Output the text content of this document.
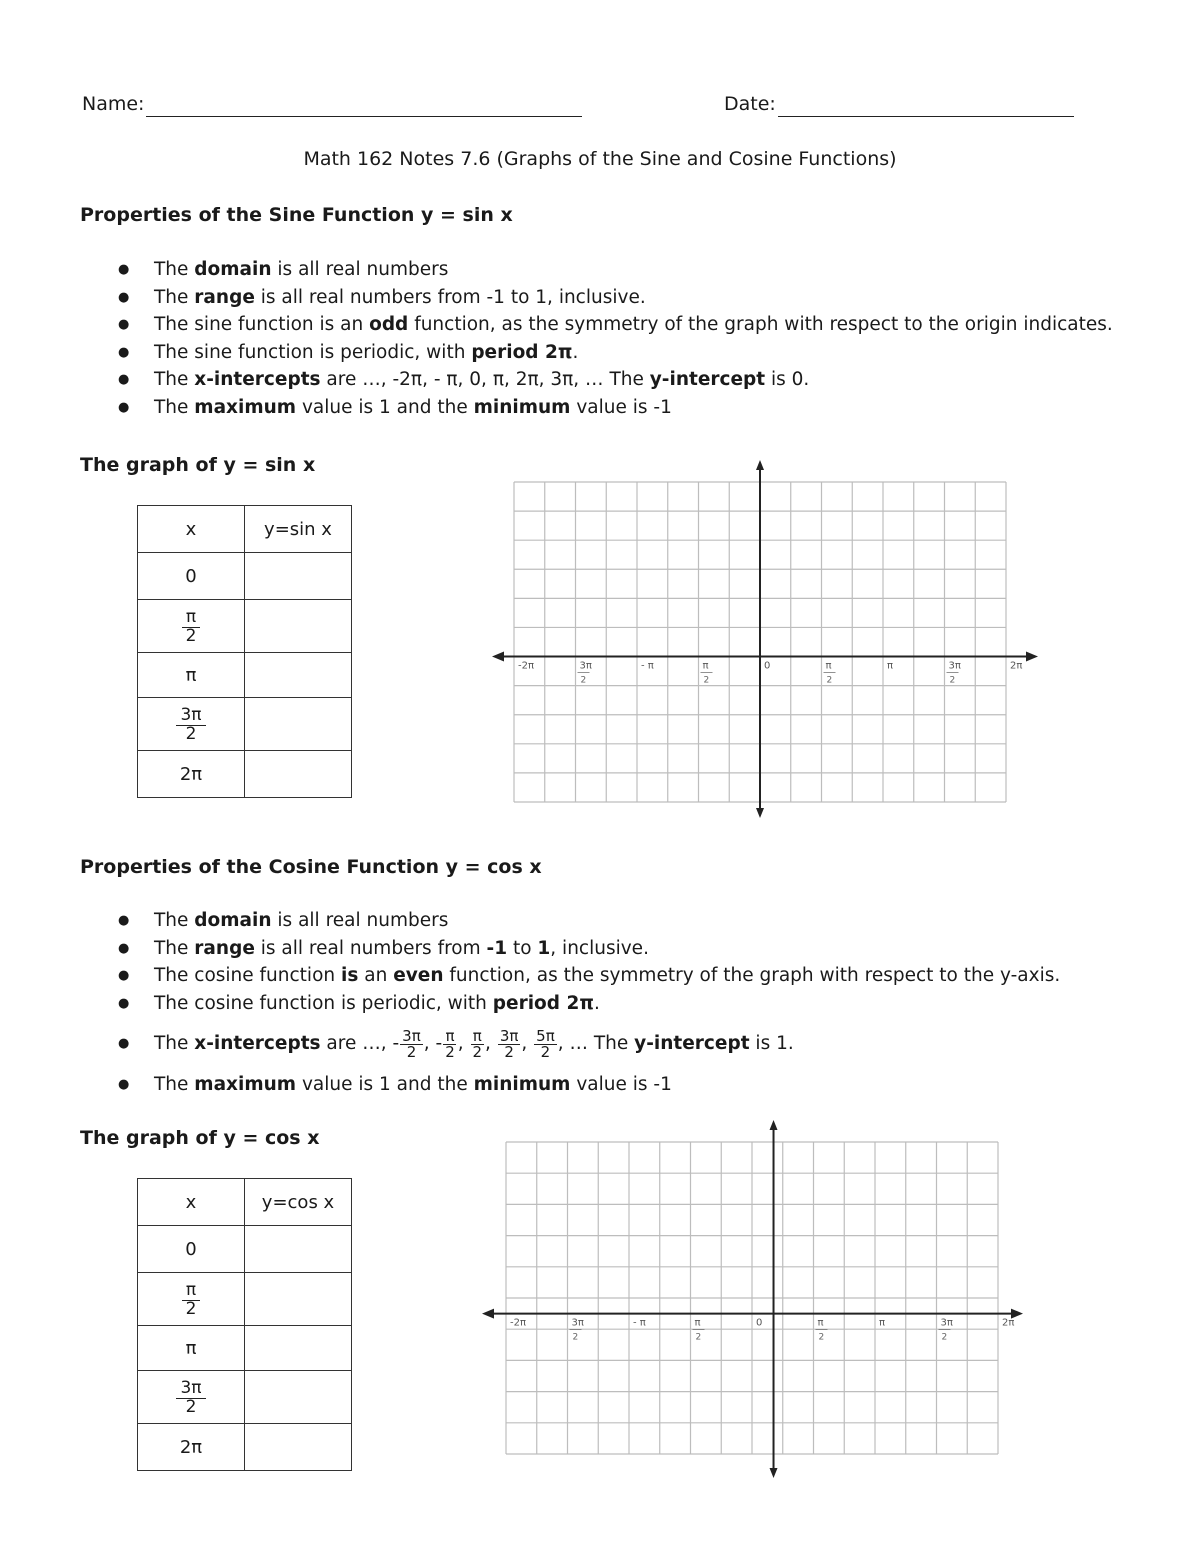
Name:	Date:
Math 162 Notes 7.6 (Graphs of the Sine and Cosine Functions)
Properties of the Sine Function y = sin x
● The domain is all real numbers
● The range is all real numbers from -1 to 1, inclusive.
● The sine function is an odd function, as the symmetry of the graph with respect to the origin indicates.
● The sine function is periodic, with period 2π.
● The x-intercepts are …, -2π, - π, 0, π, 2π, 3π, … The y-intercept is 0.
● The maximum value is 1 and the minimum value is -1
The graph of y = sin x
x	y=sin x
0	

$\frac{\pi}{2}$

π	

$\frac{3\pi}{2}$

2π	
-2π	3π
2
- π	π
2
0	π
2
π	3π
2
2π
Properties of the Cosine Function y = cos x
● The domain is all real numbers
● The range is all real numbers from -1 to 1, inclusive.
● The cosine function is an even function, as the symmetry of the graph with respect to the y-axis.
● The cosine function is periodic, with period 2π.
● The x-intercepts are …, - $\frac{3\pi}{2}$ , - $\frac{\pi}{2}$ , $\frac{\pi}{2}$ , $\frac{3\pi}{2}$ , $\frac{5\pi}{2}$ , … The y-intercept is 1.
● The maximum value is 1 and the minimum value is -1
The graph of y = cos x
x	y=cos x
0	

$\frac{\pi}{2}$

π	

$\frac{3\pi}{2}$

2π	
-2π	3π
2
- π	π
2
0	π
2
π	3π
2
2π
